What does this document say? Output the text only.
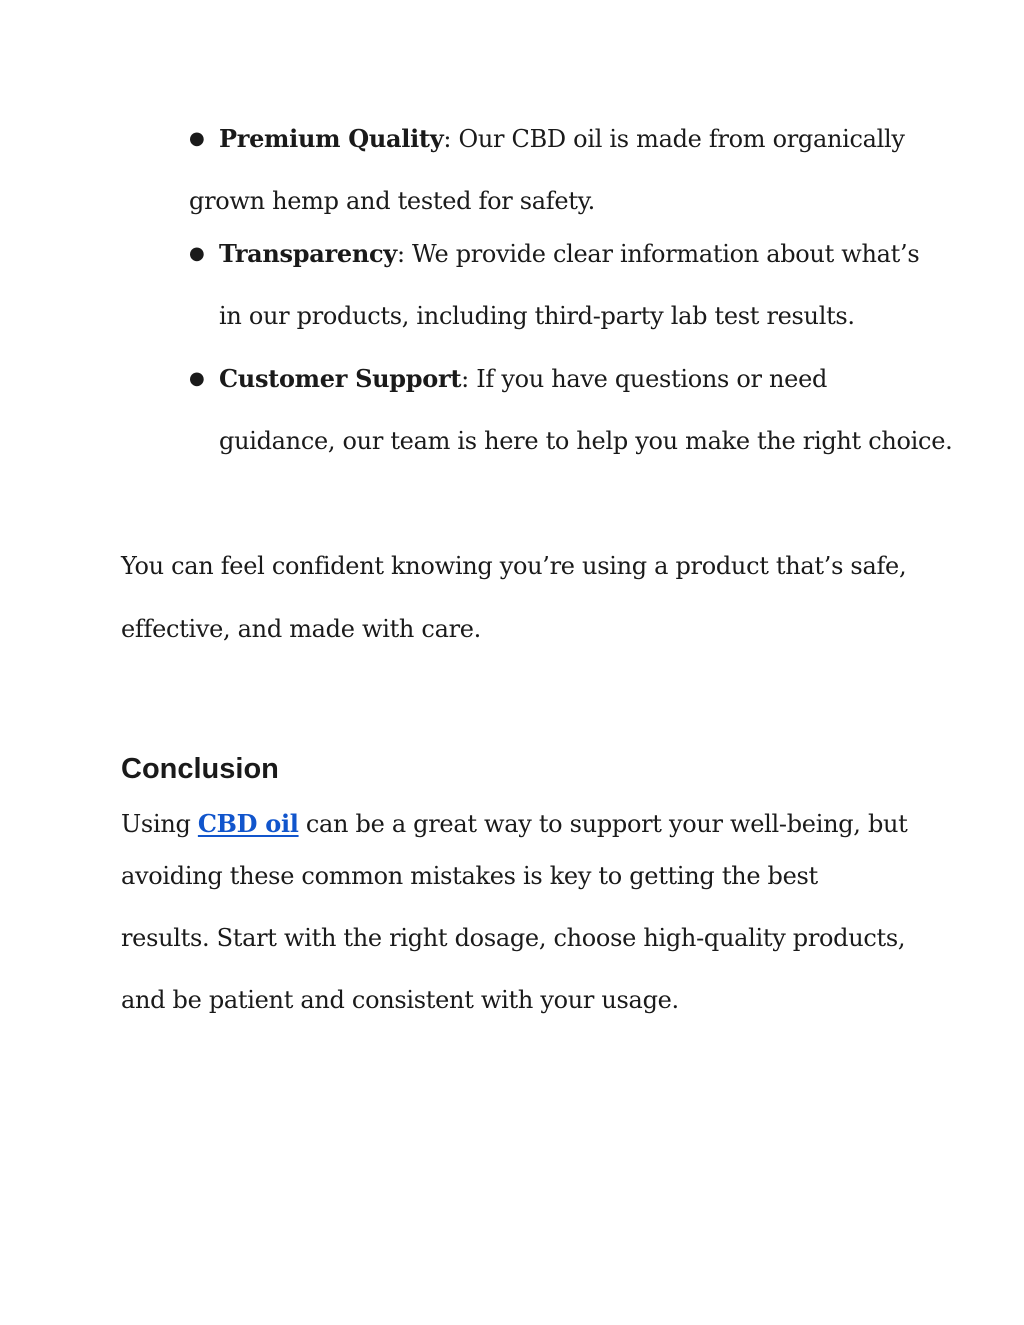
● Premium Quality: Our CBD oil is made from organically
grown hemp and tested for safety.
● Transparency: We provide clear information about what’s
in our products, including third-party lab test results.
● Customer Support: If you have questions or need
guidance, our team is here to help you make the right choice.
You can feel confident knowing you’re using a product that’s safe,
effective, and made with care.
Conclusion
Using CBD oil can be a great way to support your well-being, but
avoiding these common mistakes is key to getting the best
results. Start with the right dosage, choose high-quality products,
and be patient and consistent with your usage.
